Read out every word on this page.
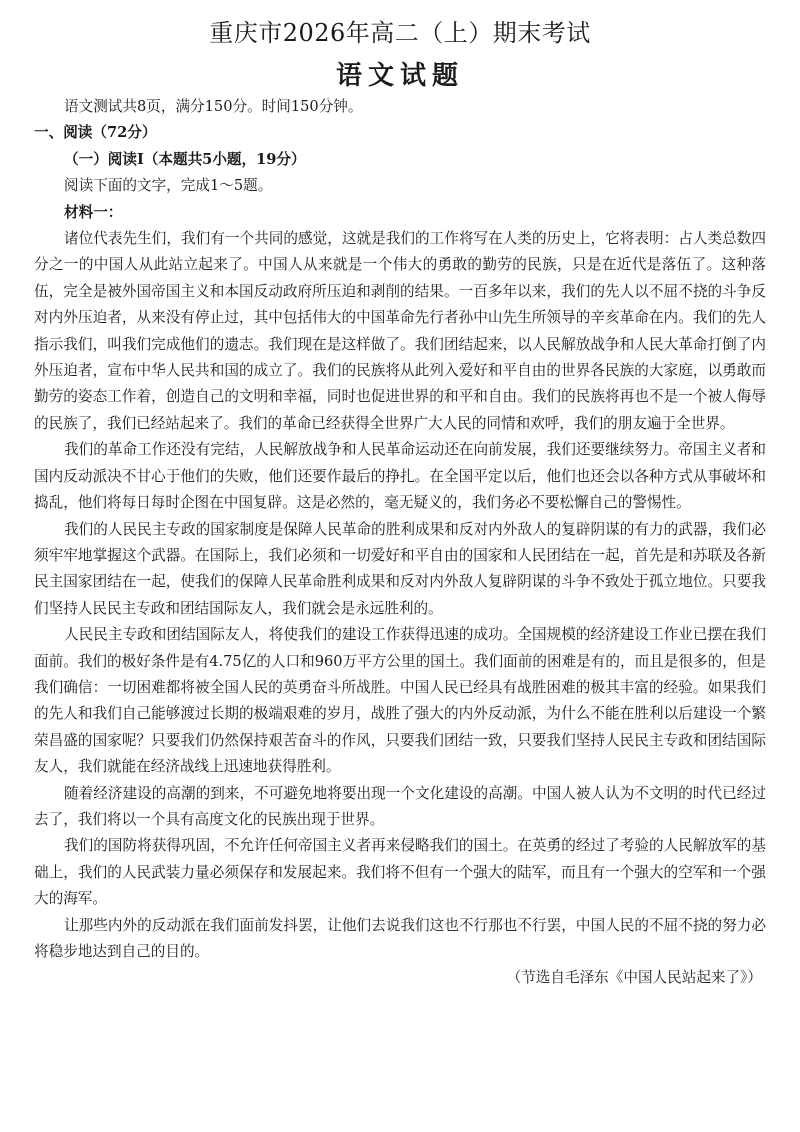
重庆市2026年高二（上）期末考试
语文试题

语文测试共8页，满分150分。时间150分钟。

一、阅读（72分）

（一）阅读Ⅰ（本题共5小题，19分）

阅读下面的文字，完成1～5题。

材料一：

诸位代表先生们，我们有一个共同的感觉，这就是我们的工作将写在人类的历史上，它将表明：占人类总数四分之一的中国人从此站立起来了。中国人从来就是一个伟大的勇敢的勤劳的民族，只是在近代是落伍了。这种落伍，完全是被外国帝国主义和本国反动政府所压迫和剥削的结果。一百多年以来，我们的先人以不屈不挠的斗争反对内外压迫者，从来没有停止过，其中包括伟大的中国革命先行者孙中山先生所领导的辛亥革命在内。我们的先人指示我们，叫我们完成他们的遗志。我们现在是这样做了。我们团结起来，以人民解放战争和人民大革命打倒了内外压迫者，宣布中华人民共和国的成立了。我们的民族将从此列入爱好和平自由的世界各民族的大家庭，以勇敢而勤劳的姿态工作着，创造自己的文明和幸福，同时也促进世界的和平和自由。我们的民族将再也不是一个被人侮辱的民族了，我们已经站起来了。我们的革命已经获得全世界广大人民的同情和欢呼，我们的朋友遍于全世界。

我们的革命工作还没有完结，人民解放战争和人民革命运动还在向前发展，我们还要继续努力。帝国主义者和国内反动派决不甘心于他们的失败，他们还要作最后的挣扎。在全国平定以后，他们也还会以各种方式从事破坏和捣乱，他们将每日每时企图在中国复辟。这是必然的，毫无疑义的，我们务必不要松懈自己的警惕性。

我们的人民民主专政的国家制度是保障人民革命的胜利成果和反对内外敌人的复辟阴谋的有力的武器，我们必须牢牢地掌握这个武器。在国际上，我们必须和一切爱好和平自由的国家和人民团结在一起，首先是和苏联及各新民主国家团结在一起，使我们的保障人民革命胜利成果和反对内外敌人复辟阴谋的斗争不致处于孤立地位。只要我们坚持人民民主专政和团结国际友人，我们就会是永远胜利的。

人民民主专政和团结国际友人，将使我们的建设工作获得迅速的成功。全国规模的经济建设工作业已摆在我们面前。我们的极好条件是有4.75亿的人口和960万平方公里的国土。我们面前的困难是有的，而且是很多的，但是我们确信：一切困难都将被全国人民的英勇奋斗所战胜。中国人民已经具有战胜困难的极其丰富的经验。如果我们的先人和我们自己能够渡过长期的极端艰难的岁月，战胜了强大的内外反动派，为什么不能在胜利以后建设一个繁荣昌盛的国家呢？只要我们仍然保持艰苦奋斗的作风，只要我们团结一致，只要我们坚持人民民主专政和团结国际友人，我们就能在经济战线上迅速地获得胜利。

随着经济建设的高潮的到来，不可避免地将要出现一个文化建设的高潮。中国人被人认为不文明的时代已经过去了，我们将以一个具有高度文化的民族出现于世界。

我们的国防将获得巩固，不允许任何帝国主义者再来侵略我们的国土。在英勇的经过了考验的人民解放军的基础上，我们的人民武装力量必须保存和发展起来。我们将不但有一个强大的陆军，而且有一个强大的空军和一个强大的海军。

让那些内外的反动派在我们面前发抖罢，让他们去说我们这也不行那也不行罢，中国人民的不屈不挠的努力必将稳步地达到自己的目的。

（节选自毛泽东《中国人民站起来了》）
